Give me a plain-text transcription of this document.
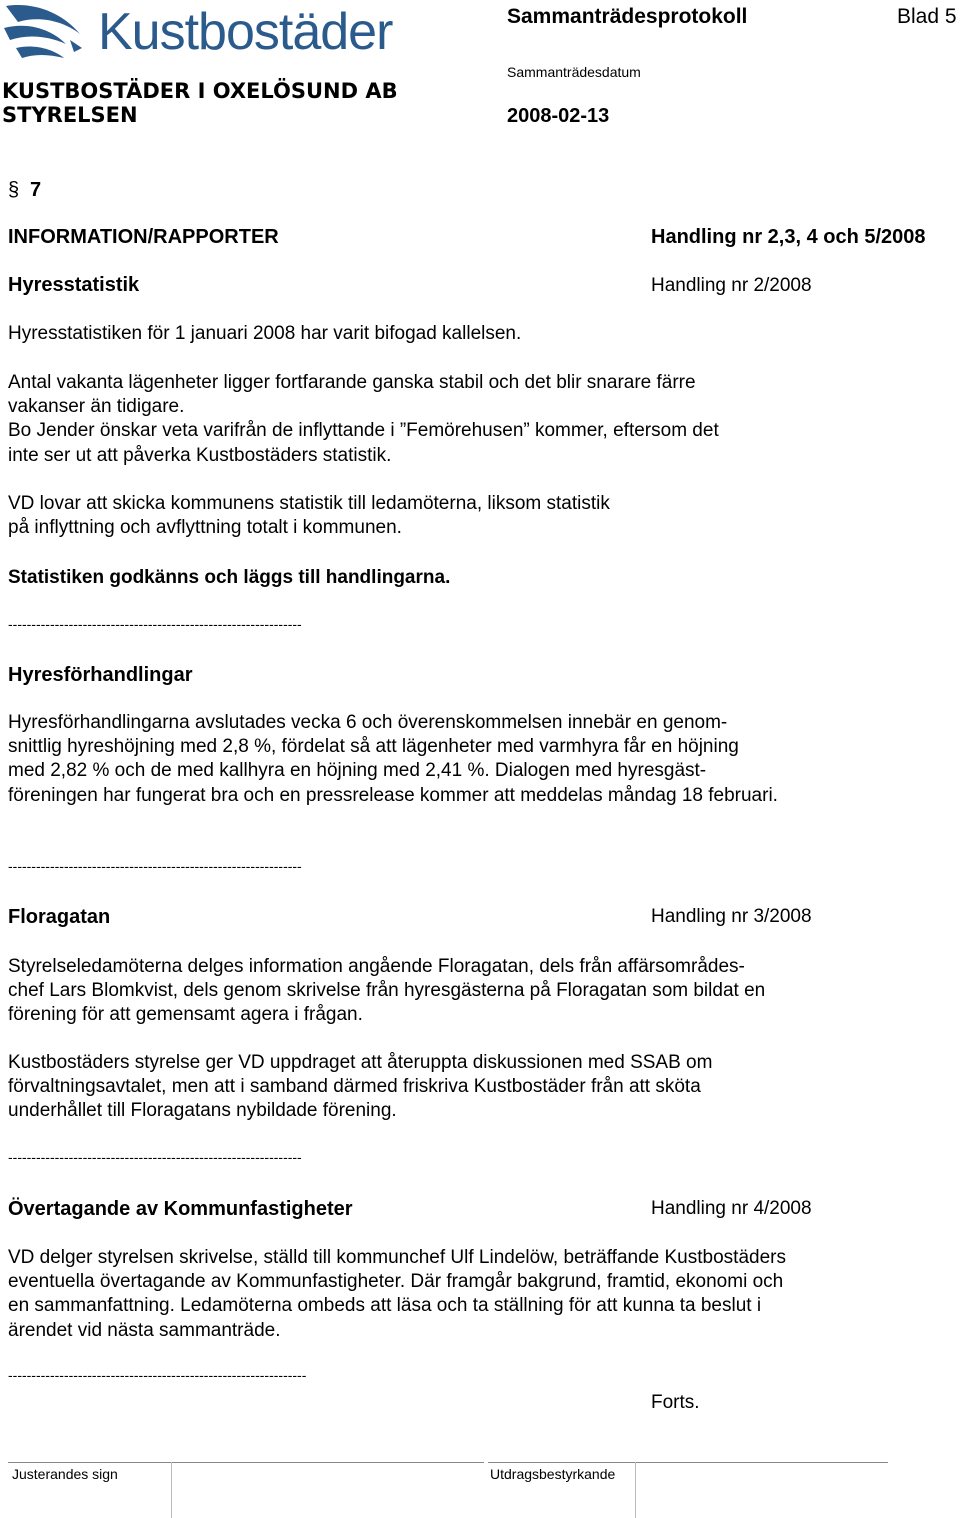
Kustbostäder	Sammanträdesprotokoll	Blad 5
KUSTBOSTÄDER I OXELÖSUND AB
Sammanträdesdatum
STYRELSEN	2008-02-13
§ 7
INFORMATION/RAPPORTER	Handling nr 2,3, 4 och 5/2008
Hyresstatistik	Handling nr 2/2008
Hyresstatistiken för 1 januari 2008 har varit bifogad kallelsen.
Antal vakanta lägenheter ligger fortfarande ganska stabil och det blir snarare färre
vakanser än tidigare.
Bo Jender önskar veta varifrån de inflyttande i ”Femörehusen” kommer, eftersom det
inte ser ut att påverka Kustbostäders statistik.
VD lovar att skicka kommunens statistik till ledamöterna, liksom statistik
på inflyttning och avflyttning totalt i kommunen.
Statistiken godkänns och läggs till handlingarna.
---------------------------------------------------------------
Hyresförhandlingar
Hyresförhandlingarna avslutades vecka 6 och överenskommelsen innebär en genom-
snittlig hyreshöjning med 2,8 %, fördelat så att lägenheter med varmhyra får en höjning
med 2,82 % och de med kallhyra en höjning med 2,41 %. Dialogen med hyresgäst-
föreningen har fungerat bra och en pressrelease kommer att meddelas måndag 18 februari.
---------------------------------------------------------------
Floragatan	Handling nr 3/2008
Styrelseledamöterna delges information angående Floragatan, dels från affärsområdes-
chef Lars Blomkvist, dels genom skrivelse från hyresgästerna på Floragatan som bildat en
förening för att gemensamt agera i frågan.
Kustbostäders styrelse ger VD uppdraget att återuppta diskussionen med SSAB om
förvaltningsavtalet, men att i samband därmed friskriva Kustbostäder från att sköta
underhållet till Floragatans nybildade förening.
---------------------------------------------------------------
Övertagande av Kommunfastigheter	Handling nr 4/2008
VD delger styrelsen skrivelse, ställd till kommunchef Ulf Lindelöw, beträffande Kustbostäders
eventuella övertagande av Kommunfastigheter. Där framgår bakgrund, framtid, ekonomi och
en sammanfattning. Ledamöterna ombeds att läsa och ta ställning för att kunna ta beslut i
ärendet vid nästa sammanträde.
----------------------------------------------------------------
Forts.
Justerandes sign	Utdragsbestyrkande
